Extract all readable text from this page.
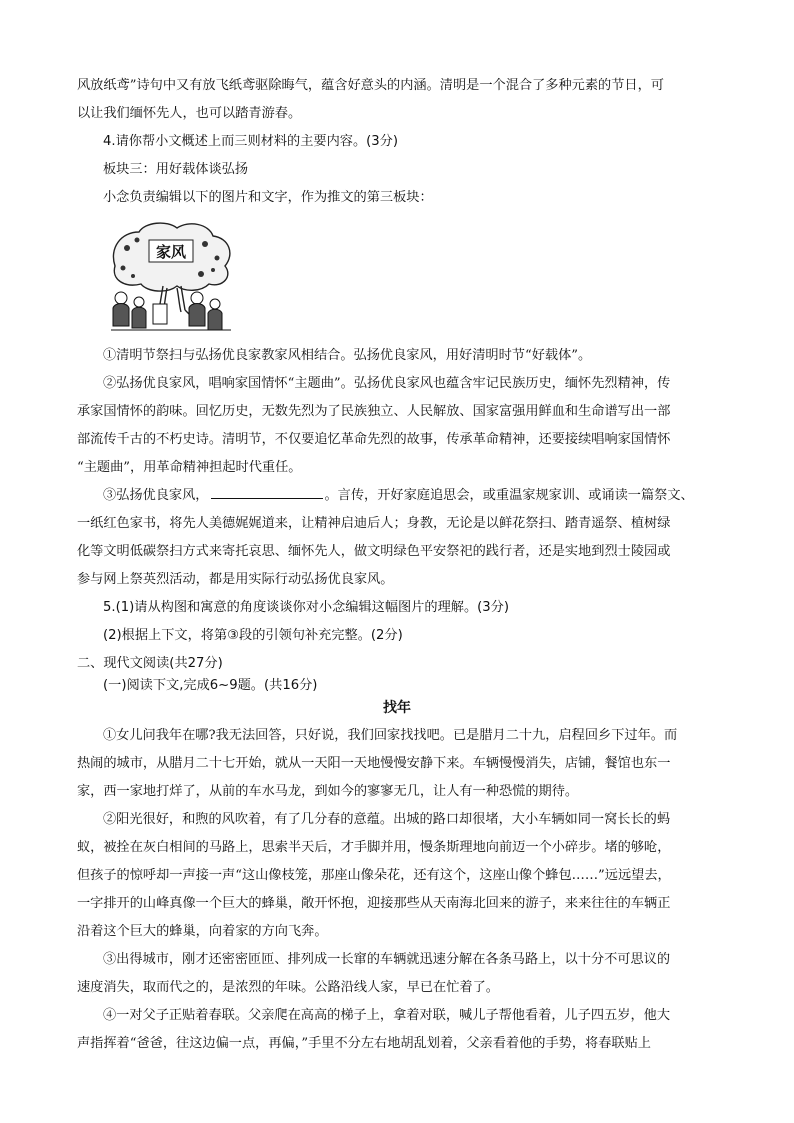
风放纸鸢”诗句中又有放飞纸鸢驱除晦气，蕴含好意头的内涵。清明是一个混合了多种元素的节日，可
以让我们缅怀先人，也可以踏青游春。
4.请你帮小文概述上而三则材料的主要内容。(3分)
板块三：用好载体谈弘扬
小念负责编辑以下的图片和文字，作为推文的第三板块：
家风
①清明节祭扫与弘扬优良家教家风相结合。弘扬优良家风，用好清明时节“好载体”。
②弘扬优良家风，唱响家国情怀“主题曲”。弘扬优良家风也蕴含牢记民族历史，缅怀先烈精神，传
承家国情怀的韵味。回忆历史，无数先烈为了民族独立、人民解放、国家富强用鲜血和生命谱写出一部
部流传千古的不朽史诗。清明节，不仅要追忆革命先烈的故事，传承革命精神，还要接续唱响家国情怀
“主题曲”，用革命精神担起时代重任。
③弘扬优良家风，	。言传，开好家庭追思会，或重温家规家训、或诵读一篇祭文、
一纸红色家书，将先人美德娓娓道来，让精神启迪后人；身教，无论是以鲜花祭扫、踏青遥祭、植树绿
化等文明低碳祭扫方式来寄托哀思、缅怀先人，做文明绿色平安祭祀的践行者，还是实地到烈士陵园或
参与网上祭英烈活动，都是用实际行动弘扬优良家风。
5.(1)请从构图和寓意的角度谈谈你对小念编辑这幅图片的理解。(3分)
(2)根据上下文，将第③段的引领句补充完整。(2分)
二、现代文阅读(共27分)
(一)阅读下文,完成6~9题。(共16分)
找年
①女儿问我年在哪?我无法回答，只好说，我们回家找找吧。已是腊月二十九，启程回乡下过年。而
热闹的城市，从腊月二十七开始，就从一天阳一天地慢慢安静下来。车辆慢慢消失，店铺，餐馆也东一
家，西一家地打烊了，从前的车水马龙，到如今的寥寥无几，让人有一种恐慌的期待。
②阳光很好，和煦的风吹着，有了几分春的意蕴。出城的路口却很堵，大小车辆如同一窝长长的蚂
蚁，被拴在灰白相间的马路上，思索半天后，才手脚并用，慢条斯理地向前迈一个小碎步。堵的够呛，
但孩子的惊呼却一声接一声“这山像枝笼，那座山像朵花，还有这个，这座山像个蜂包……”远远望去，
一字排开的山峰真像一个巨大的蜂巢，敞开怀抱，迎接那些从天南海北回来的游子，来来往往的车辆正
沿着这个巨大的蜂巢，向着家的方向飞奔。
③出得城市，刚才还密密匝匝、排列成一长窜的车辆就迅速分解在各条马路上，以十分不可思议的
速度消失，取而代之的，是浓烈的年味。公路沿线人家，早已在忙着了。
④一对父子正贴着春联。父亲爬在高高的梯子上，拿着对联，喊儿子帮他看着，儿子四五岁，他大
声指挥着“爸爸，往这边偏一点，再偏，”手里不分左右地胡乱划着，父亲看着他的手势，将春联贴上
